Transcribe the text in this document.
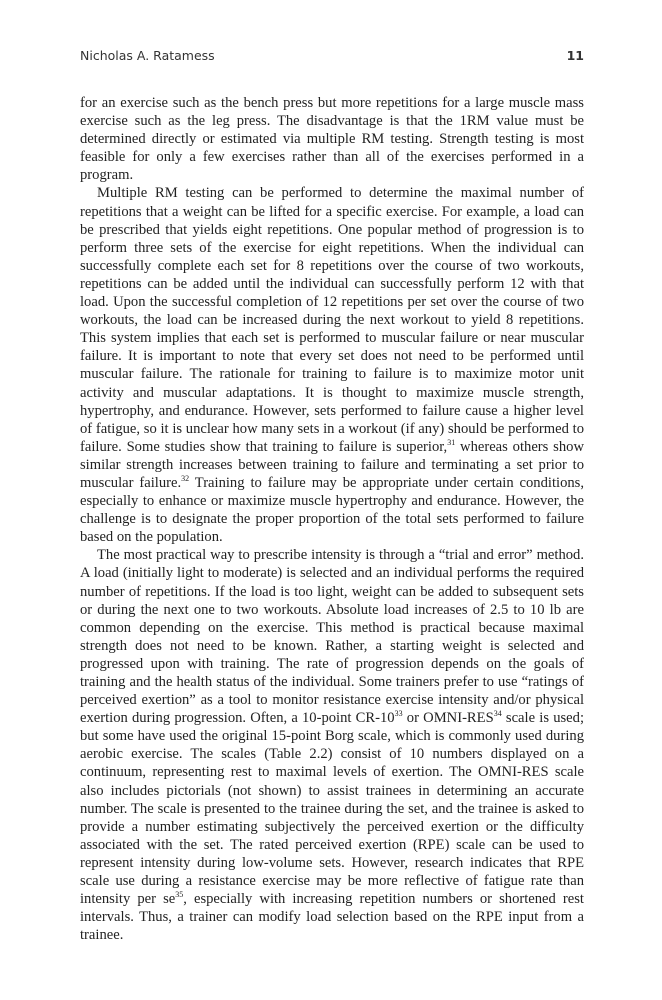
Nicholas A. Ratamess	11

for an exercise such as the bench press but more repetitions for a large muscle mass exercise such as the leg press. The disadvantage is that the 1RM value must be determined directly or estimated via multiple RM testing. Strength testing is most feasible for only a few exercises rather than all of the exercises performed in a program.

Multiple RM testing can be performed to determine the maximal number of repetitions that a weight can be lifted for a specific exercise. For example, a load can be prescribed that yields eight repetitions. One popular method of progression is to perform three sets of the exercise for eight repetitions. When the individual can successfully complete each set for 8 repetitions over the course of two workouts, repetitions can be added until the individual can successfully perform 12 with that load. Upon the successful completion of 12 repetitions per set over the course of two workouts, the load can be increased during the next workout to yield 8 repetitions. This system implies that each set is performed to muscular failure or near muscular failure. It is important to note that every set does not need to be performed until muscular failure. The rationale for training to failure is to maximize motor unit activity and muscular adaptations. It is thought to maximize muscle strength, hypertrophy, and endurance. However, sets performed to failure cause a higher level of fatigue, so it is unclear how many sets in a workout (if any) should be performed to failure. Some studies show that training to failure is superior,$^{31}$ whereas others show similar strength increases between training to failure and terminating a set prior to muscular failure.$^{32}$ Training to failure may be appropriate under certain conditions, especially to enhance or maximize muscle hypertrophy and endurance. However, the challenge is to designate the proper proportion of the total sets performed to failure based on the population.

The most practical way to prescribe intensity is through a “trial and error” method. A load (initially light to moderate) is selected and an individual performs the required number of repetitions. If the load is too light, weight can be added to subsequent sets or during the next one to two workouts. Absolute load increases of 2.5 to 10 lb are common depending on the exercise. This method is practical because maximal strength does not need to be known. Rather, a starting weight is selected and progressed upon with training. The rate of progression depends on the goals of training and the health status of the individual. Some trainers prefer to use “ratings of perceived exertion” as a tool to monitor resistance exercise intensity and/or physical exertion during progression. Often, a 10-point $CR-10^{33}$ or OMNI-RES$^{34}$ scale is used; but some have used the original 15-point Borg scale, which is commonly used during aerobic exercise. The scales (Table 2.2) consist of 10 numbers displayed on a continuum, representing rest to maximal levels of exertion. The OMNI-RES scale also includes pictorials (not shown) to assist trainees in determining an accurate number. The scale is presented to the trainee during the set, and the trainee is asked to provide a number estimating subjectively the perceived exertion or the difficulty associated with the set. The rated perceived exertion (RPE) scale can be used to represent intensity during low-volume sets. However, research indicates that RPE scale use during a resistance exercise may be more reflective of fatigue rate than intensity per $se^{35}$, especially with increasing repetition numbers or shortened rest intervals. Thus, a trainer can modify load selection based on the RPE input from a trainee.
